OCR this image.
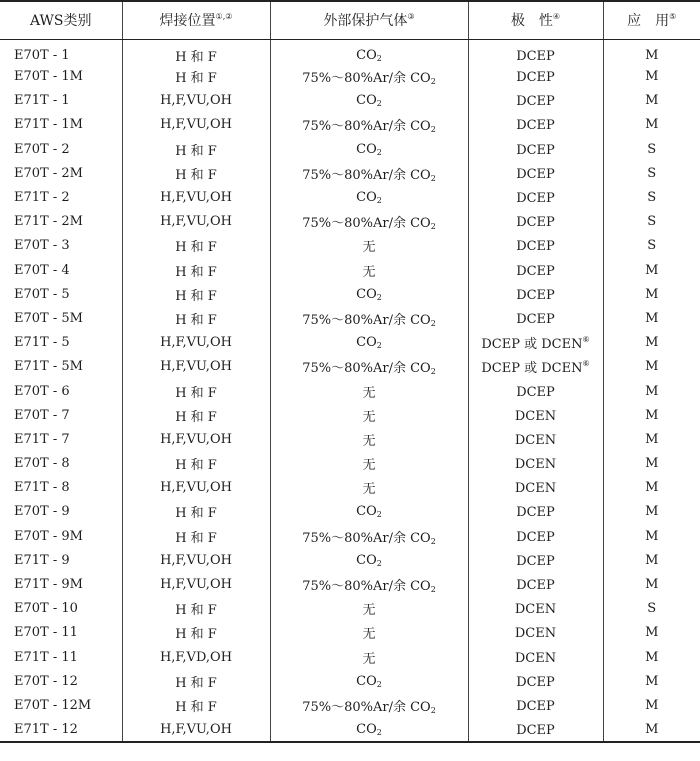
AWS类别	焊接位置①,②	外部保护气体③	极　性④	应　用⑤
E70T - 1	H 和 F	$CO_2$	DCEP	M
E70T - 1M	H 和 F	75%～80%Ar/余 $CO_2$	DCEP	M
E71T - 1	H,F,VU,OH	$CO_2$	DCEP	M
E71T - 1M	H,F,VU,OH	75%～80%Ar/余 $CO_2$	DCEP	M
E70T - 2	H 和 F	$CO_2$	DCEP	S
E70T - 2M	H 和 F	75%～80%Ar/余 $CO_2$	DCEP	S
E71T - 2	H,F,VU,OH	$CO_2$	DCEP	S
E71T - 2M	H,F,VU,OH	75%～80%Ar/余 $CO_2$	DCEP	S
E70T - 3	H 和 F	无	DCEP	S
E70T - 4	H 和 F	无	DCEP	M
E70T - 5	H 和 F	$CO_2$	DCEP	M
E70T - 5M	H 和 F	75%～80%Ar/余 $CO_2$	DCEP	M
E71T - 5	H,F,VU,OH	$CO_2$	DCEP 或 DCEN⑥	M
E71T - 5M	H,F,VU,OH	75%～80%Ar/余 $CO_2$	DCEP 或 DCEN⑥	M
E70T - 6	H 和 F	无	DCEP	M
E70T - 7	H 和 F	无	DCEN	M
E71T - 7	H,F,VU,OH	无	DCEN	M
E70T - 8	H 和 F	无	DCEN	M
E71T - 8	H,F,VU,OH	无	DCEN	M
E70T - 9	H 和 F	$CO_2$	DCEP	M
E70T - 9M	H 和 F	75%～80%Ar/余 $CO_2$	DCEP	M
E71T - 9	H,F,VU,OH	$CO_2$	DCEP	M
E71T - 9M	H,F,VU,OH	75%～80%Ar/余 $CO_2$	DCEP	M
E70T - 10	H 和 F	无	DCEN	S
E70T - 11	H 和 F	无	DCEN	M
E71T - 11	H,F,VD,OH	无	DCEN	M
E70T - 12	H 和 F	$CO_2$	DCEP	M
E70T - 12M	H 和 F	75%～80%Ar/余 $CO_2$	DCEP	M
E71T - 12	H,F,VU,OH	$CO_2$	DCEP	M
